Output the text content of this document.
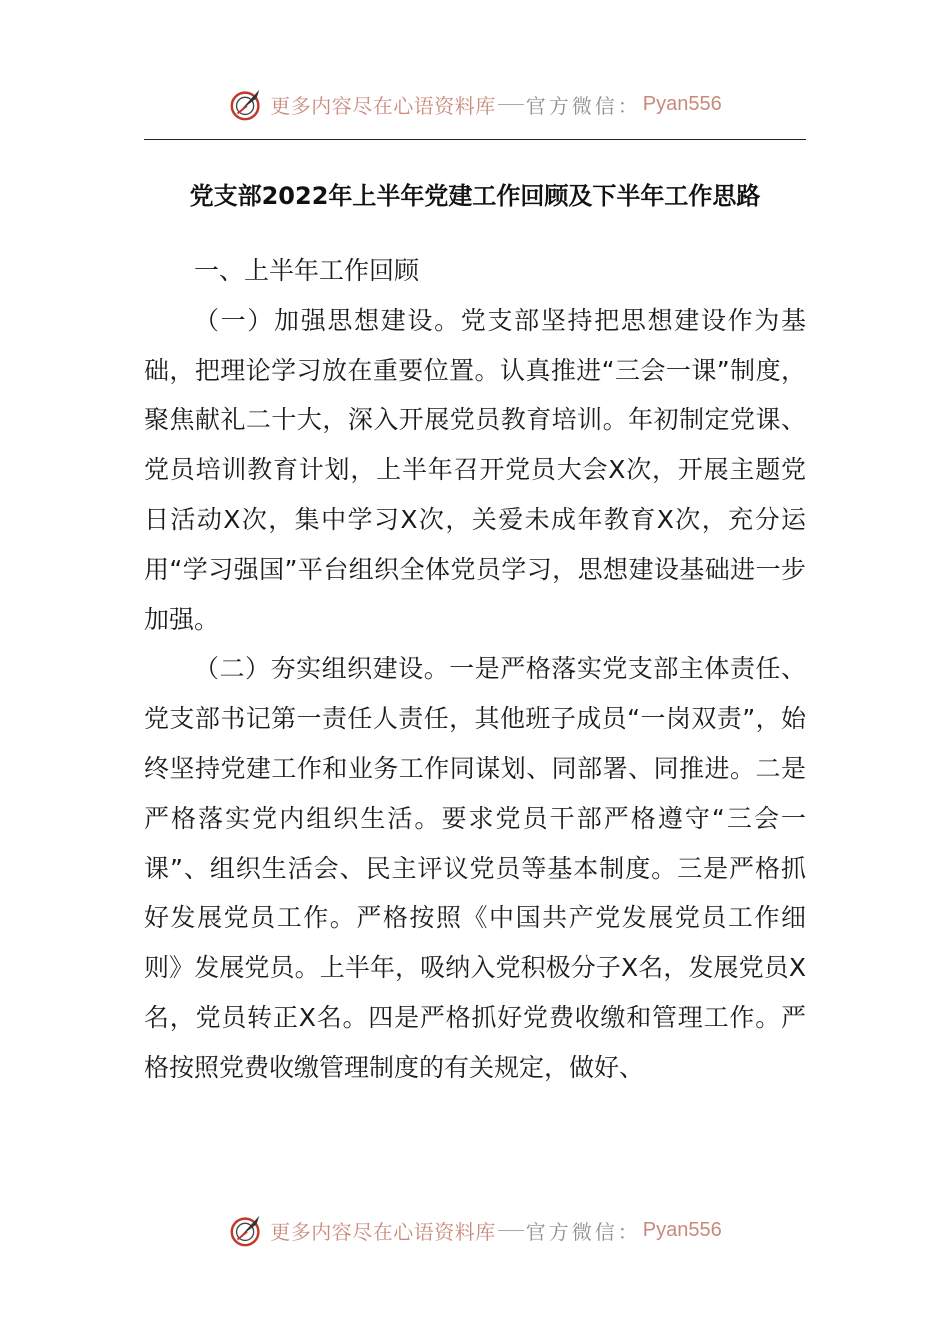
更多内容尽在心语资料库 官方微信： Pyan556
党支部2022年上半年党建工作回顾及下半年工作思路

一、上半年工作回顾

（一）加强思想建设。党支部坚持把思想建设作为基础，把理论学习放在重要位置。认真推进“三会一课”制度，聚焦献礼二十大，深入开展党员教育培训。年初制定党课、党员培训教育计划，上半年召开党员大会X次，开展主题党日活动X次，集中学习X次，关爱未成年教育X次，充分运用“学习强国”平台组织全体党员学习，思想建设基础进一步加强。

（二）夯实组织建设。一是严格落实党支部主体责任、党支部书记第一责任人责任，其他班子成员“一岗双责”，始终坚持党建工作和业务工作同谋划、同部署、同推进。二是严格落实党内组织生活。要求党员干部严格遵守“三会一课”、组织生活会、民主评议党员等基本制度。三是严格抓好发展党员工作。严格按照《中国共产党发展党员工作细则》发展党员。上半年，吸纳入党积极分子X名，发展党员X名，党员转正X名。四是严格抓好党费收缴和管理工作。严格按照党费收缴管理制度的有关规定，做好、

更多内容尽在心语资料库 官方微信： Pyan556
